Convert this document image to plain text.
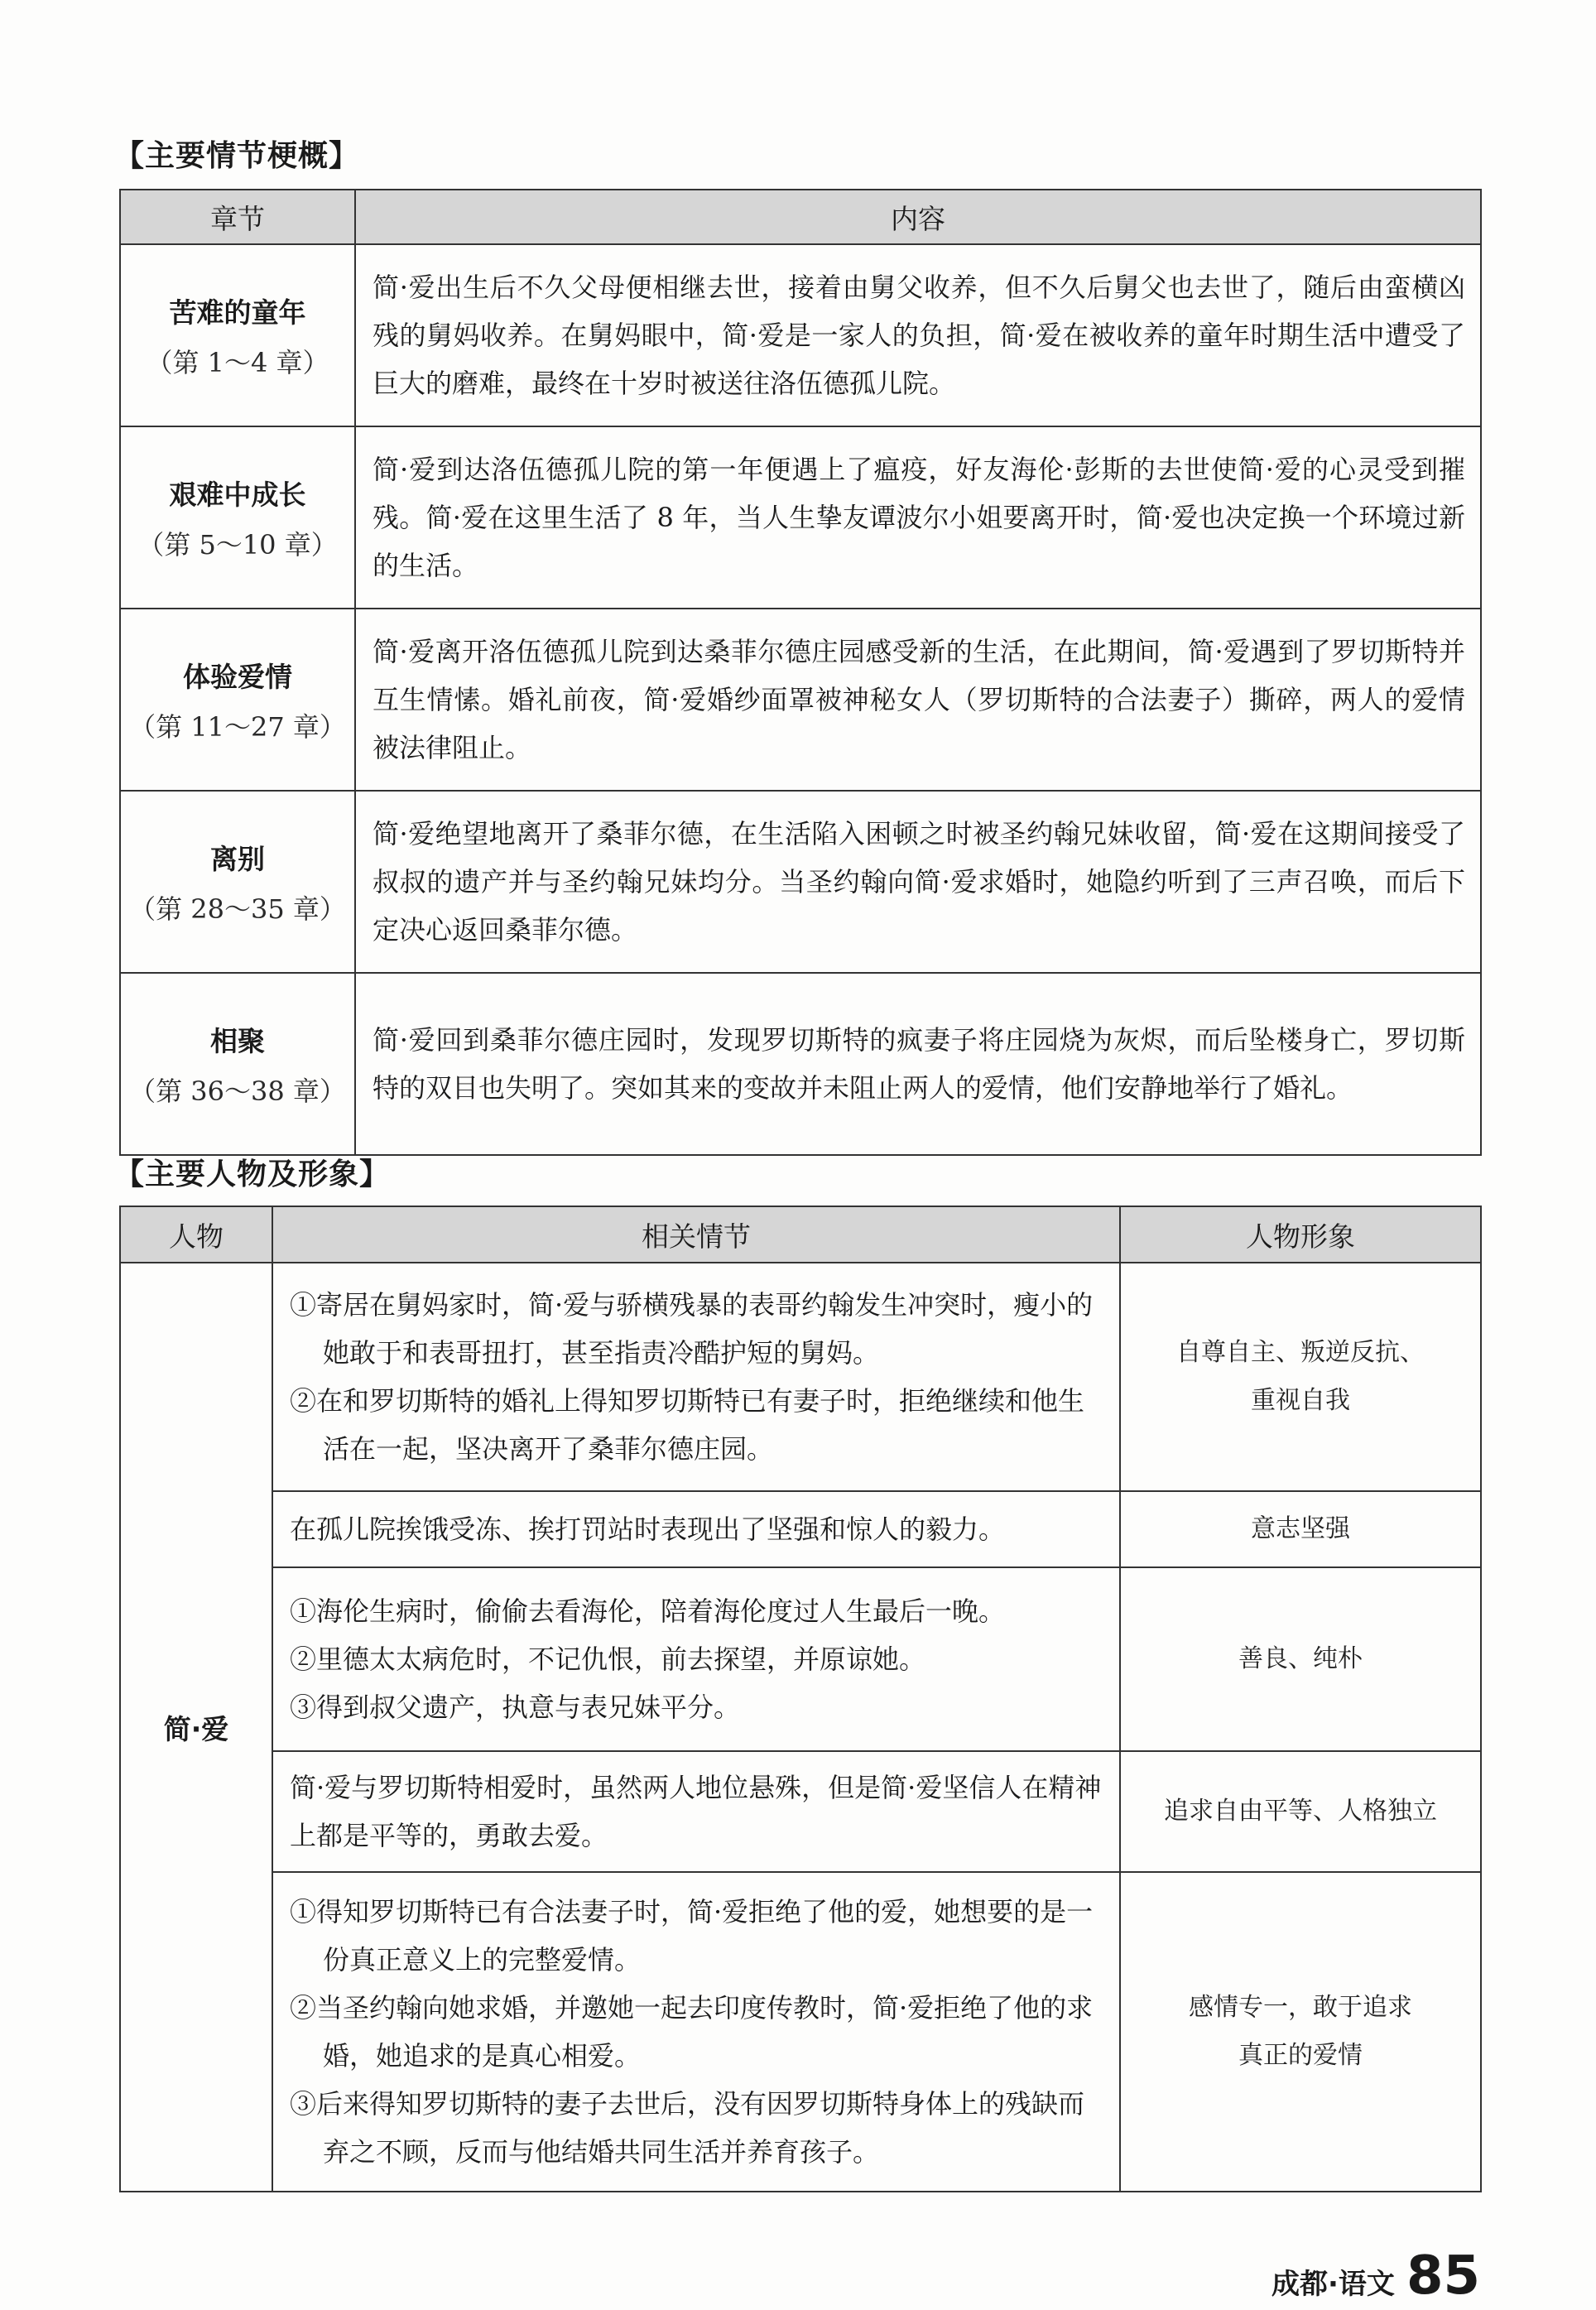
【主要情节梗概】
章节	内容

苦难的童年
（第 1～4 章）	简·爱出生后不久父母便相继去世，接着由舅父收养，但不久后舅父也去世了，随后由蛮横凶残的舅妈收养。在舅妈眼中，简·爱是一家人的负担，简·爱在被收养的童年时期生活中遭受了巨大的磨难，最终在十岁时被送往洛伍德孤儿院。

艰难中成长
（第 5～10 章）	简·爱到达洛伍德孤儿院的第一年便遇上了瘟疫，好友海伦·彭斯的去世使简·爱的心灵受到摧残。简·爱在这里生活了 8 年，当人生挚友谭波尔小姐要离开时，简·爱也决定换一个环境过新的生活。

体验爱情
（第 11～27 章）	简·爱离开洛伍德孤儿院到达桑菲尔德庄园感受新的生活，在此期间，简·爱遇到了罗切斯特并互生情愫。婚礼前夜，简·爱婚纱面罩被神秘女人（罗切斯特的合法妻子）撕碎，两人的爱情被法律阻止。

离别
（第 28～35 章）	简·爱绝望地离开了桑菲尔德，在生活陷入困顿之时被圣约翰兄妹收留，简·爱在这期间接受了叔叔的遗产并与圣约翰兄妹均分。当圣约翰向简·爱求婚时，她隐约听到了三声召唤，而后下定决心返回桑菲尔德。

相聚
（第 36～38 章）	简·爱回到桑菲尔德庄园时，发现罗切斯特的疯妻子将庄园烧为灰烬，而后坠楼身亡，罗切斯特的双目也失明了。突如其来的变故并未阻止两人的爱情，他们安静地举行了婚礼。
【主要人物及形象】
人物	相关情节	人物形象
简·爱	①寄居在舅妈家时，简·爱与骄横残暴的表哥约翰发生冲突时，瘦小的她敢于和表哥扭打，甚至指责冷酷护短的舅妈。
②在和罗切斯特的婚礼上得知罗切斯特已有妻子时，拒绝继续和他生活在一起，坚决离开了桑菲尔德庄园。	自尊自主、叛逆反抗、
重视自我

	在孤儿院挨饿受冻、挨打罚站时表现出了坚强和惊人的毅力。	意志坚强

	①海伦生病时，偷偷去看海伦，陪着海伦度过人生最后一晚。
②里德太太病危时，不记仇恨，前去探望，并原谅她。
③得到叔父遗产，执意与表兄妹平分。	善良、纯朴

	简·爱与罗切斯特相爱时，虽然两人地位悬殊，但是简·爱坚信人在精神上都是平等的，勇敢去爱。	追求自由平等、人格独立

	①得知罗切斯特已有合法妻子时，简·爱拒绝了他的爱，她想要的是一份真正意义上的完整爱情。
②当圣约翰向她求婚，并邀她一起去印度传教时，简·爱拒绝了他的求婚，她追求的是真心相爱。
③后来得知罗切斯特的妻子去世后，没有因罗切斯特身体上的残缺而弃之不顾，反而与他结婚共同生活并养育孩子。	感情专一，敢于追求
真正的爱情
成都·语文 85
